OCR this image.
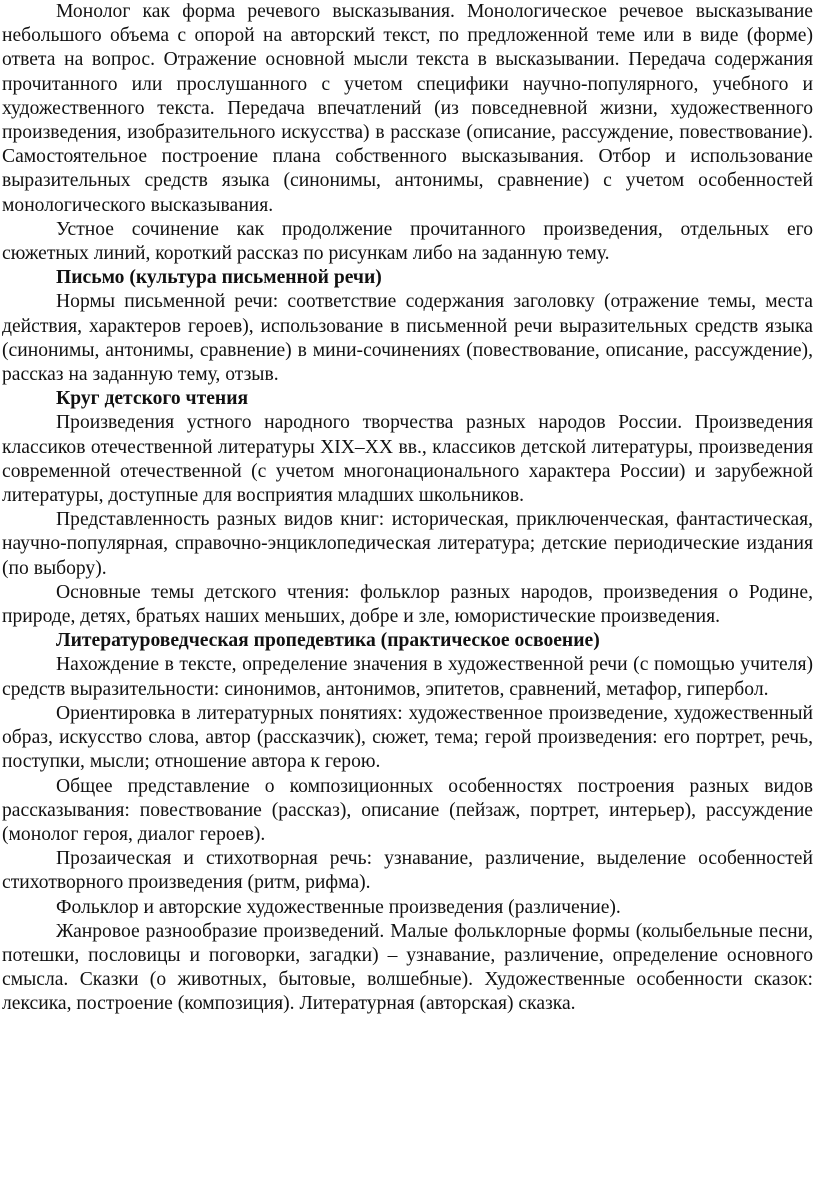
Монолог как форма речевого высказывания. Монологическое речевое высказывание небольшого объема с опорой на авторский текст, по предложенной теме или в виде (форме) ответа на вопрос. Отражение основной мысли текста в высказывании. Передача содержания прочитанного или прослушанного с учетом специфики научно-популярного, учебного и художественного текста. Передача впечатлений (из повседневной жизни, художественного произведения, изобразительного искусства) в рассказе (описание, рассуждение, повествование). Самостоятельное построение плана собственного высказывания. Отбор и использование выразительных средств языка (синонимы, антонимы, сравнение) с учетом особенностей монологического высказывания.

Устное сочинение как продолжение прочитанного произведения, отдельных его сюжетных линий, короткий рассказ по рисункам либо на заданную тему.

Письмо (культура письменной речи)

Нормы письменной речи: соответствие содержания заголовку (отражение темы, места действия, характеров героев), использование в письменной речи выразительных средств языка (синонимы, антонимы, сравнение) в мини-сочинениях (повествование, описание, рассуждение), рассказ на заданную тему, отзыв.

Круг детского чтения

Произведения устного народного творчества разных народов России. Произведения классиков отечественной литературы XIX–XX вв., классиков детской литературы, произведения современной отечественной (с учетом многонационального характера России) и зарубежной литературы, доступные для восприятия младших школьников.

Представленность разных видов книг: историческая, приключенческая, фантастическая, научно-популярная, справочно-энциклопедическая литература; детские периодические издания (по выбору).

Основные темы детского чтения: фольклор разных народов, произведения о Родине, природе, детях, братьях наших меньших, добре и зле, юмористические произведения.

Литературоведческая пропедевтика (практическое освоение)

Нахождение в тексте, определение значения в художественной речи (с помощью учителя) средств выразительности: синонимов, антонимов, эпитетов, сравнений, метафор, гипербол.

Ориентировка в литературных понятиях: художественное произведение, художественный образ, искусство слова, автор (рассказчик), сюжет, тема; герой произведения: его портрет, речь, поступки, мысли; отношение автора к герою.

Общее представление о композиционных особенностях построения разных видов рассказывания: повествование (рассказ), описание (пейзаж, портрет, интерьер), рассуждение (монолог героя, диалог героев).

Прозаическая и стихотворная речь: узнавание, различение, выделение особенностей стихотворного произведения (ритм, рифма).

Фольклор и авторские художественные произведения (различение).

Жанровое разнообразие произведений. Малые фольклорные формы (колыбельные песни, потешки, пословицы и поговорки, загадки) – узнавание, различение, определение основного смысла. Сказки (о животных, бытовые, волшебные). Художественные особенности сказок: лексика, построение (композиция). Литературная (авторская) сказка.
